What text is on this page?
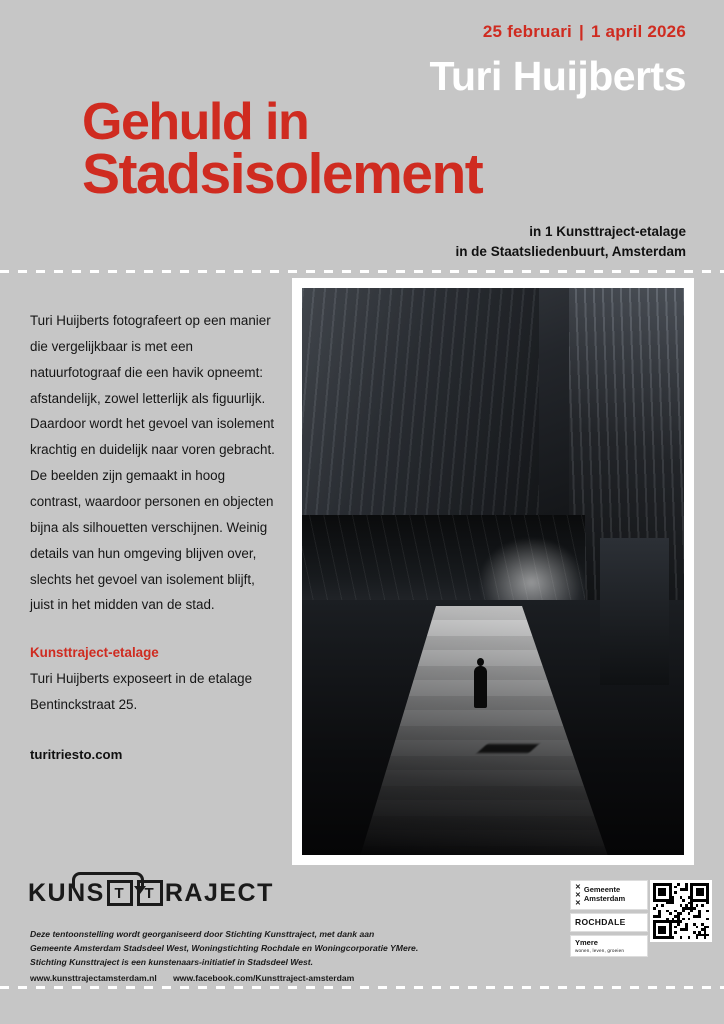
25 februari | 1 april 2026
Turi Huijberts
Gehuld in
Stadsisolement
in 1 Kunsttraject-etalage
in de Staatsliedenbuurt, Amsterdam

Turi Huijberts fotografeert op een manier die vergelijkbaar is met een natuurfotograaf die een havik opneemt: afstandelijk, zowel letterlijk als figuurlijk. Daardoor wordt het gevoel van isolement krachtig en duidelijk naar voren gebracht.

De beelden zijn gemaakt in hoog contrast, waardoor personen en objecten bijna als silhouetten verschijnen. Weinig details van hun omgeving blijven over, slechts het gevoel van isolement blijft, juist in het midden van de stad.

Kunsttraject-etalage

Turi Huijberts exposeert in de etalage Bentinckstraat 25.

turitriesto.com
KUNS T	T RAJECT
Deze tentoonstelling wordt georganiseerd door Stichting Kunsttraject, met dank aan
Gemeente Amsterdam Stadsdeel West, Woningstichting Rochdale en Woningcorporatie YMere.
Stichting Kunsttraject is een kunstenaars-initiatief in Stadsdeel West.
www.kunsttrajectamsterdam.nl www.facebook.com/Kunsttraject-amsterdam
✕
✕
✕
Gemeente
Amsterdam
ROCHDALE
Ymere
wonen, leven, groeien
